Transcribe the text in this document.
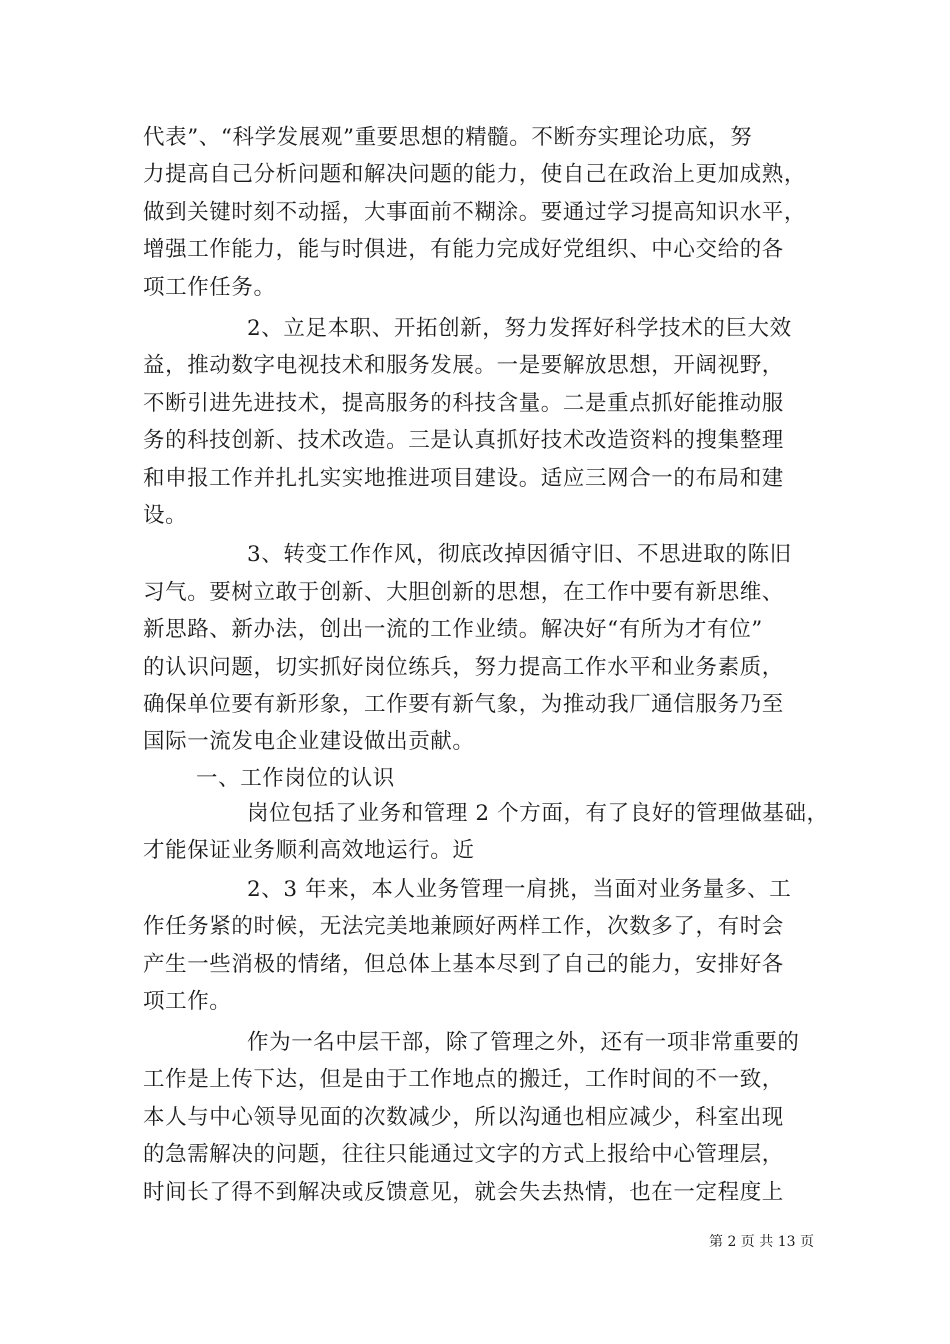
代表”、“科学发展观”重要思想的精髓。不断夯实理论功底，努
力提高自己分析问题和解决问题的能力，使自己在政治上更加成熟，
做到关键时刻不动摇，大事面前不糊涂。要通过学习提高知识水平，
增强工作能力，能与时俱进，有能力完成好党组织、中心交给的各
项工作任务。
2、立足本职、开拓创新，努力发挥好科学技术的巨大效
益，推动数字电视技术和服务发展。一是要解放思想，开阔视野，
不断引进先进技术，提高服务的科技含量。二是重点抓好能推动服
务的科技创新、技术改造。三是认真抓好技术改造资料的搜集整理
和申报工作并扎扎实实地推进项目建设。适应三网合一的布局和建
设。
3、转变工作作风，彻底改掉因循守旧、不思进取的陈旧
习气。要树立敢于创新、大胆创新的思想，在工作中要有新思维、
新思路、新办法，创出一流的工作业绩。解决好“有所为才有位”
的认识问题，切实抓好岗位练兵，努力提高工作水平和业务素质，
确保单位要有新形象，工作要有新气象，为推动我厂通信服务乃至
国际一流发电企业建设做出贡献。
一、工作岗位的认识
岗位包括了业务和管理 2 个方面，有了良好的管理做基础，
才能保证业务顺利高效地运行。近
2、3 年来，本人业务管理一肩挑，当面对业务量多、工
作任务紧的时候，无法完美地兼顾好两样工作，次数多了，有时会
产生一些消极的情绪，但总体上基本尽到了自己的能力，安排好各
项工作。
作为一名中层干部，除了管理之外，还有一项非常重要的
工作是上传下达，但是由于工作地点的搬迁，工作时间的不一致，
本人与中心领导见面的次数减少，所以沟通也相应减少，科室出现
的急需解决的问题，往往只能通过文字的方式上报给中心管理层，
时间长了得不到解决或反馈意见，就会失去热情，也在一定程度上
第 2 页 共 13 页
